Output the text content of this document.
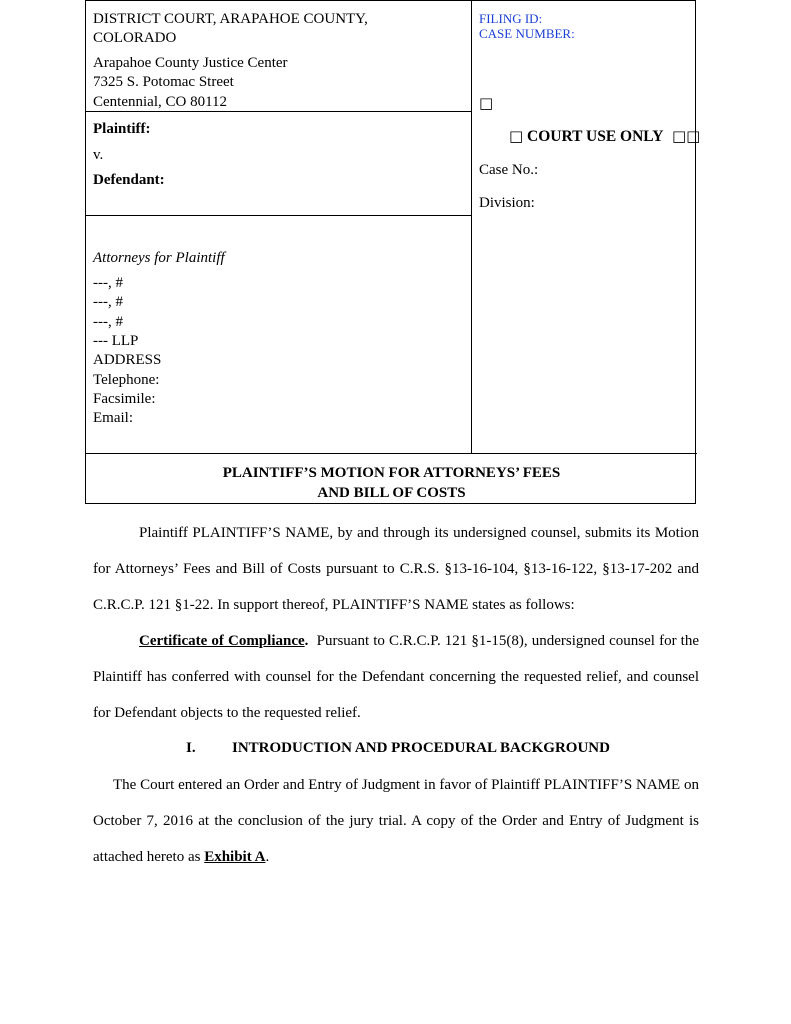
DISTRICT COURT, ARAPAHOE COUNTY,
COLORADO
Arapahoe County Justice Center
7325 S. Potomac Street
Centennial, CO 80112
Plaintiff:
v.
Defendant:
Attorneys for Plaintiff
---, #
---, #
---, #
--- LLP
ADDRESS
Telephone:
Facsimile:
Email:
FILING ID:
CASE NUMBER:
□
□ COURT USE ONLY □□
Case No.:
Division:
PLAINTIFF’S MOTION FOR ATTORNEYS’ FEES
AND BILL OF COSTS
Plaintiff PLAINTIFF’S NAME, by and through its undersigned counsel, submits its Motion for Attorneys’ Fees and Bill of Costs pursuant to C.R.S. §13-16-104, §13-16-122, §13-17-202 and C.R.C.P. 121 §1-22. In support thereof, PLAINTIFF’S NAME states as follows:
Certificate of Compliance. Pursuant to C.R.C.P. 121 §1-15(8), undersigned counsel for the Plaintiff has conferred with counsel for the Defendant concerning the requested relief, and counsel for Defendant objects to the requested relief.
I. INTRODUCTION AND PROCEDURAL BACKGROUND
The Court entered an Order and Entry of Judgment in favor of Plaintiff PLAINTIFF’S NAME on October 7, 2016 at the conclusion of the jury trial. A copy of the Order and Entry of Judgment is attached hereto as Exhibit A.
